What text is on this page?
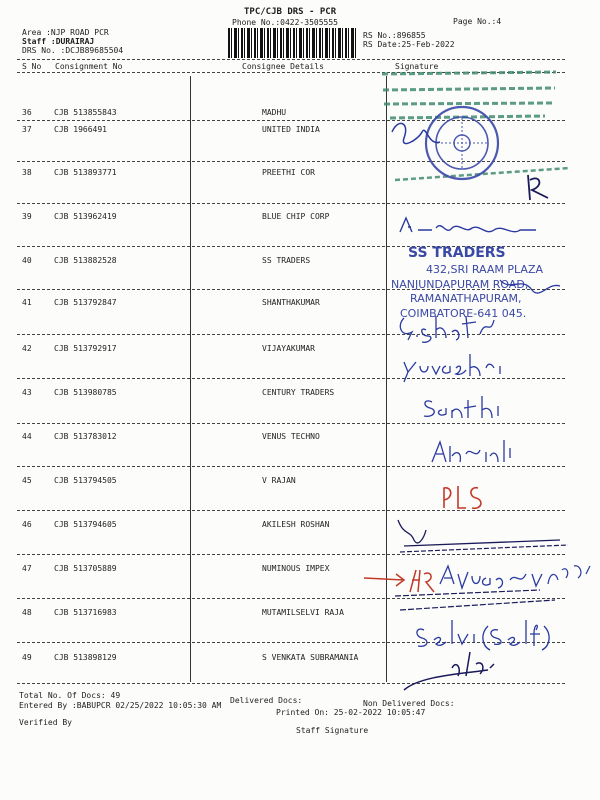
TPC/CJB DRS - PCR
Phone No.:0422-3505555	Page No.:4
Area :NJP ROAD PCR
Staff :DURAIRAJ
DRS No. :DCJB89685504
RS No.:896855
RS Date:25-Feb-2022
S No Consignment No	Consignee Details	Signature
36	CJB 513855843	MADHU
37	CJB 1966491	UNITED INDIA
38	CJB 513893771	PREETHI COR
39	CJB 513962419	BLUE CHIP CORP
40	CJB 513882528	SS TRADERS
41	CJB 513792847	SHANTHAKUMAR
42	CJB 513792917	VIJAYAKUMAR
43	CJB 513980785	CENTURY TRADERS
44	CJB 513783012	VENUS TECHNO
45	CJB 513794505	V RAJAN
46	CJB 513794605	AKILESH ROSHAN
47	CJB 513705889	NUMINOUS IMPEX
48	CJB 513716983	MUTAMILSELVI RAJA
49	CJB 513898129	S VENKATA SUBRAMANIA
Total No. Of Docs: 49
Delivered Docs:	Non Delivered Docs:
Entered By :BABUPCR 02/25/2022 10:05:30 AM
Printed On: 25-02-2022 10:05:47
Verified By
Staff Signature
SS TRADERS
432,SRI RAAM PLAZA
NANJUNDAPURAM ROAD,
RAMANATHAPURAM,
COIMBATORE-641 045.
